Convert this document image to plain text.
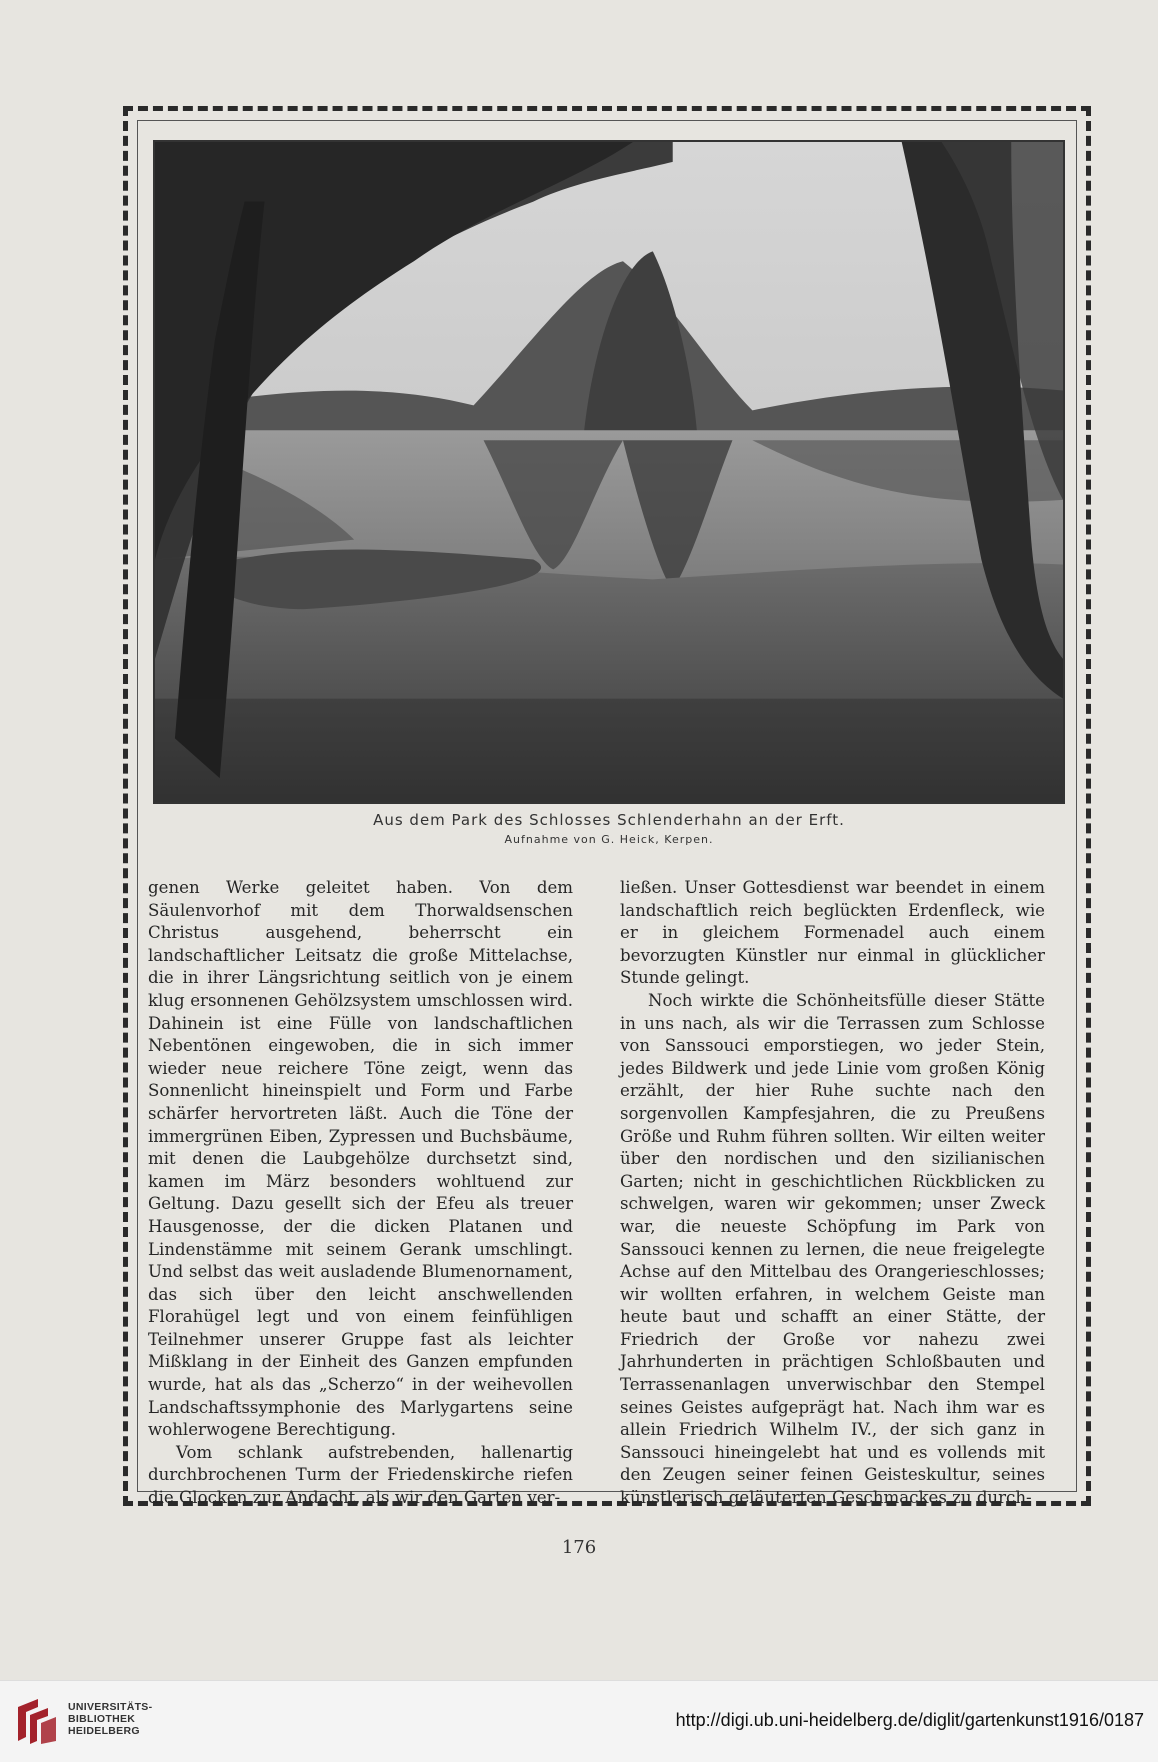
Aus dem Park des Schlosses Schlenderhahn an der Erft.
Aufnahme von G. Heick, Kerpen.

genen Werke geleitet haben. Von dem Säulenvorhof mit dem Thorwaldsenschen Christus ausgehend, beherrscht ein landschaftlicher Leitsatz die große Mittelachse, die in ihrer Längsrichtung seitlich von je einem klug ersonnenen Gehölzsystem umschlossen wird. Dahinein ist eine Fülle von landschaftlichen Nebentönen eingewoben, die in sich immer wieder neue reichere Töne zeigt, wenn das Sonnenlicht hineinspielt und Form und Farbe schärfer hervortreten läßt. Auch die Töne der immergrünen Eiben, Zypressen und Buchsbäume, mit denen die Laubgehölze durchsetzt sind, kamen im März besonders wohltuend zur Geltung. Dazu gesellt sich der Efeu als treuer Hausgenosse, der die dicken Platanen und Lindenstämme mit seinem Gerank umschlingt. Und selbst das weit ausladende Blumenornament, das sich über den leicht anschwellenden Florahügel legt und von einem feinfühligen Teilnehmer unserer Gruppe fast als leichter Mißklang in der Einheit des Ganzen empfunden wurde, hat als das „Scherzo“ in der weihevollen Landschaftssymphonie des Marlygartens seine wohlerwogene Berechtigung.

Vom schlank aufstrebenden, hallenartig durchbrochenen Turm der Friedenskirche riefen die Glocken zur Andacht, als wir den Garten ver-

ließen. Unser Gottesdienst war beendet in einem landschaftlich reich beglückten Erdenfleck, wie er in gleichem Formenadel auch einem bevorzugten Künstler nur einmal in glücklicher Stunde gelingt.

Noch wirkte die Schönheitsfülle dieser Stätte in uns nach, als wir die Terrassen zum Schlosse von Sanssouci emporstiegen, wo jeder Stein, jedes Bildwerk und jede Linie vom großen König erzählt, der hier Ruhe suchte nach den sorgenvollen Kampfesjahren, die zu Preußens Größe und Ruhm führen sollten. Wir eilten weiter über den nordischen und den sizilianischen Garten; nicht in geschichtlichen Rückblicken zu schwelgen, waren wir gekommen; unser Zweck war, die neueste Schöpfung im Park von Sanssouci kennen zu lernen, die neue freigelegte Achse auf den Mittelbau des Orangerieschlosses; wir wollten erfahren, in welchem Geiste man heute baut und schafft an einer Stätte, der Friedrich der Große vor nahezu zwei Jahrhunderten in prächtigen Schloßbauten und Terrassenanlagen unverwischbar den Stempel seines Geistes aufgeprägt hat. Nach ihm war es allein Friedrich Wilhelm IV., der sich ganz in Sanssouci hineingelebt hat und es vollends mit den Zeugen seiner feinen Geisteskultur, seines künstlerisch geläuterten Geschmackes zu durch-

176
UNIVERSITÄTS-
BIBLIOTHEK
HEIDELBERG
http://digi.ub.uni-heidelberg.de/diglit/gartenkunst1916/0187
